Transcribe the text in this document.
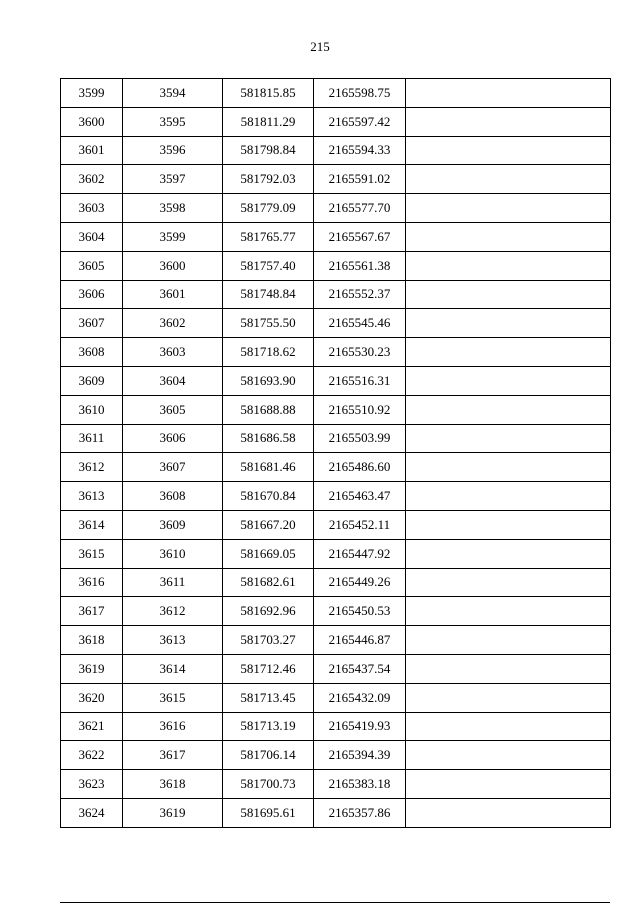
215
3599	3594	581815.85	2165598.75	
3600	3595	581811.29	2165597.42	
3601	3596	581798.84	2165594.33	
3602	3597	581792.03	2165591.02	
3603	3598	581779.09	2165577.70	
3604	3599	581765.77	2165567.67	
3605	3600	581757.40	2165561.38	
3606	3601	581748.84	2165552.37	
3607	3602	581755.50	2165545.46	
3608	3603	581718.62	2165530.23	
3609	3604	581693.90	2165516.31	
3610	3605	581688.88	2165510.92	
3611	3606	581686.58	2165503.99	
3612	3607	581681.46	2165486.60	
3613	3608	581670.84	2165463.47	
3614	3609	581667.20	2165452.11	
3615	3610	581669.05	2165447.92	
3616	3611	581682.61	2165449.26	
3617	3612	581692.96	2165450.53	
3618	3613	581703.27	2165446.87	
3619	3614	581712.46	2165437.54	
3620	3615	581713.45	2165432.09	
3621	3616	581713.19	2165419.93	
3622	3617	581706.14	2165394.39	
3623	3618	581700.73	2165383.18	
3624	3619	581695.61	2165357.86	
